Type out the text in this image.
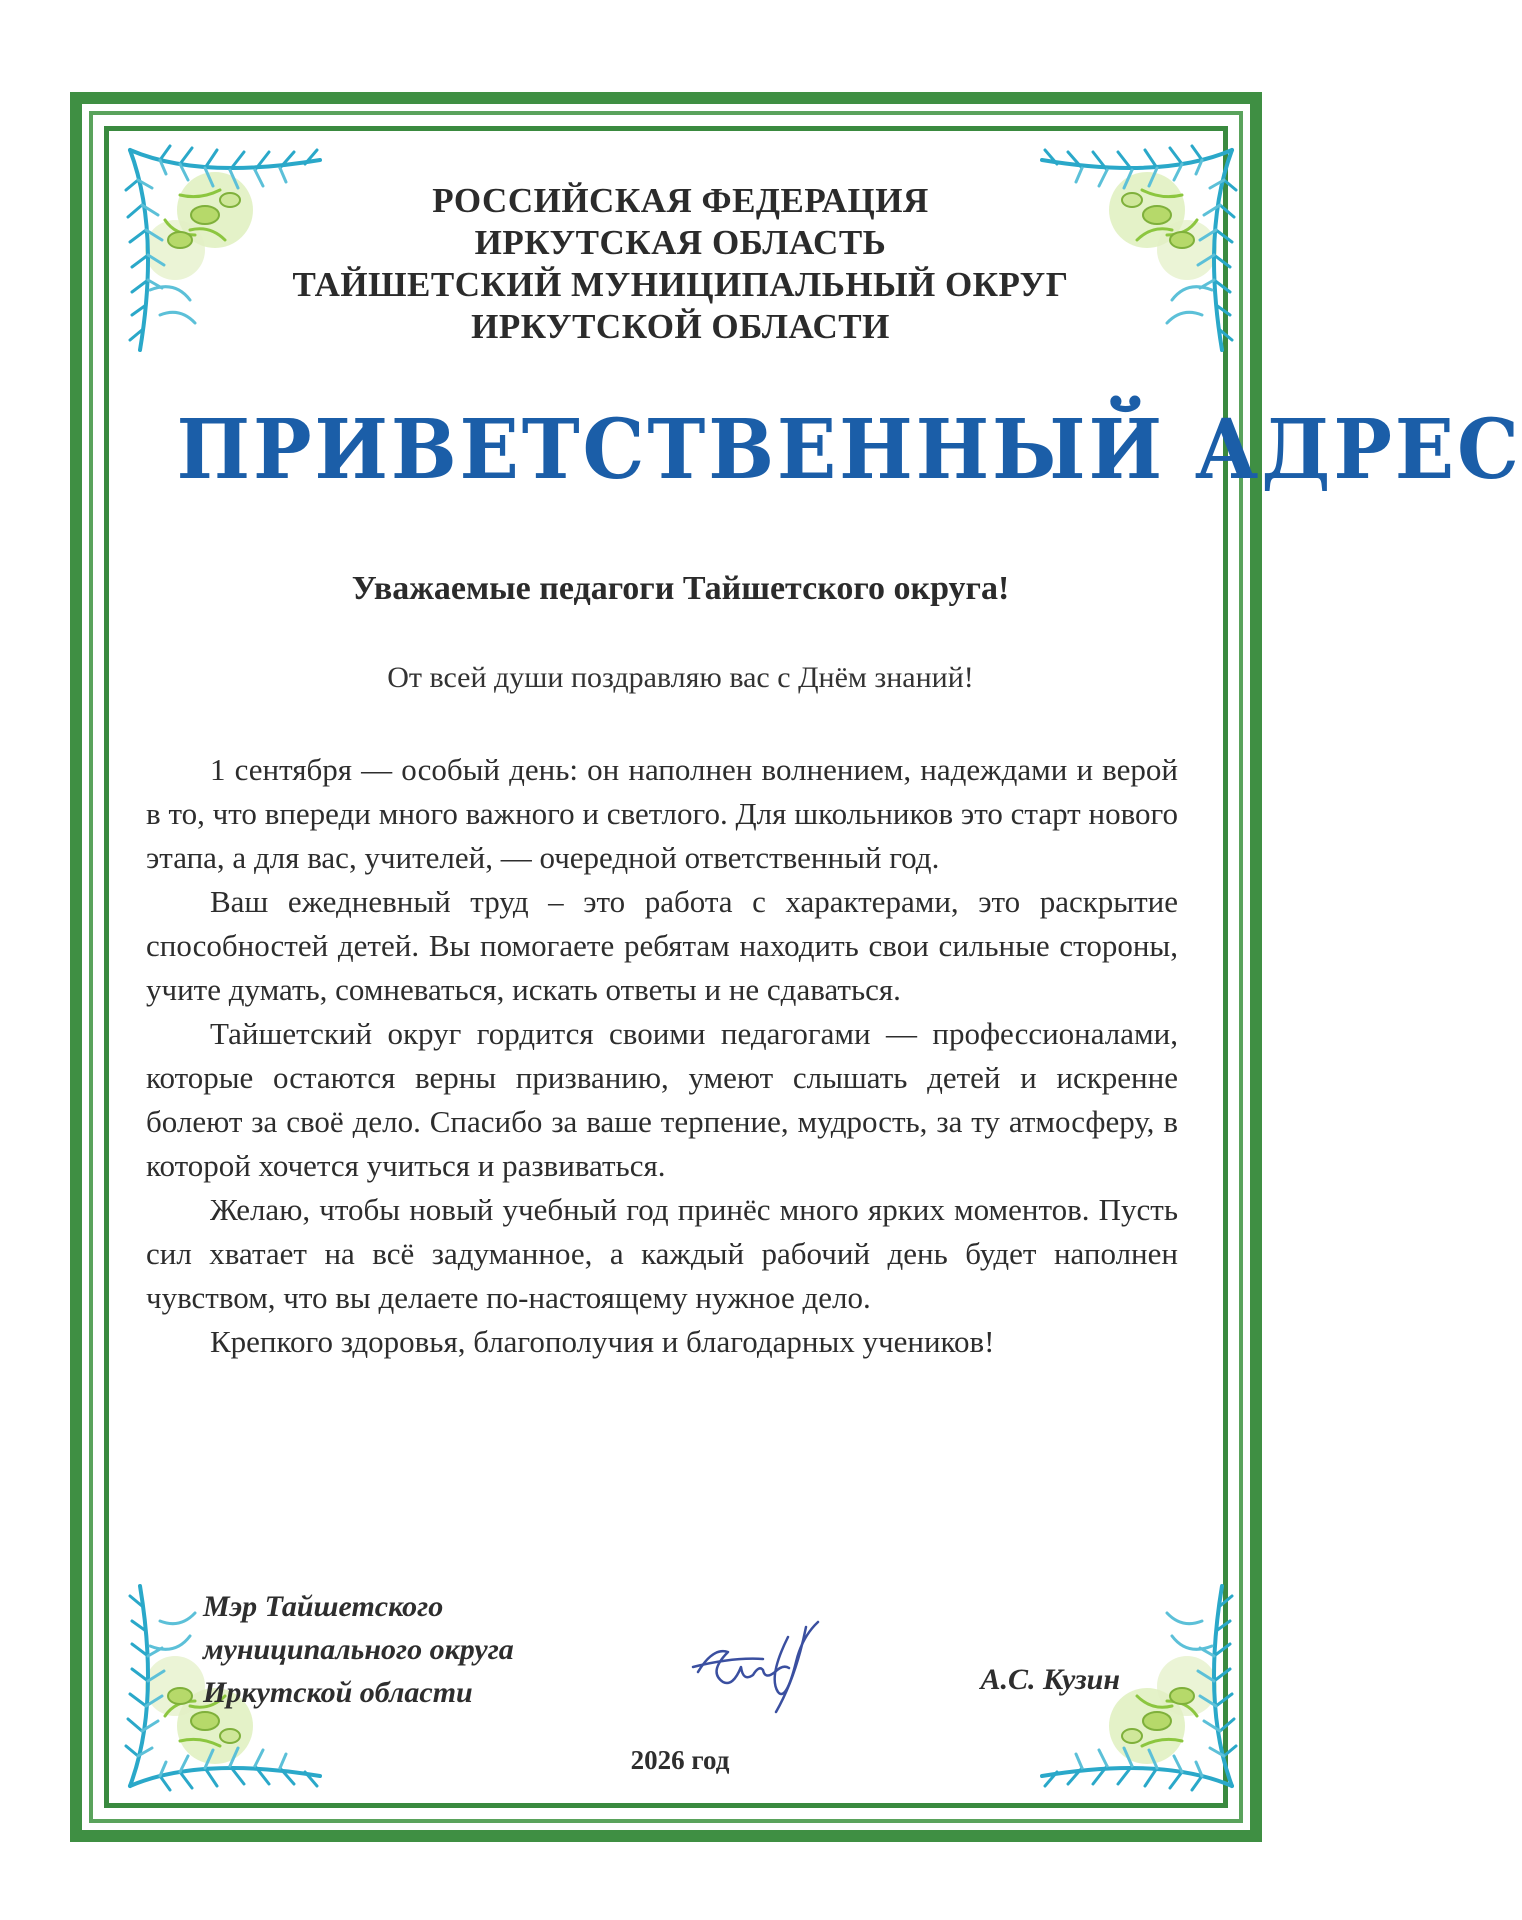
РОССИЙСКАЯ ФЕДЕРАЦИЯ
ИРКУТСКАЯ ОБЛАСТЬ
ТАЙШЕТСКИЙ МУНИЦИПАЛЬНЫЙ ОКРУГ
ИРКУТСКОЙ ОБЛАСТИ
ПРИВЕТСТВЕННЫЙ АДРЕС
Уважаемые педагоги Тайшетского округа!
От всей души поздравляю вас с Днём знаний!

1 сентября — особый день: он наполнен волнением, надеждами и верой в то, что впереди много важного и светлого. Для школьников это старт нового этапа, а для вас, учителей, — очередной ответственный год.

Ваш ежедневный труд – это работа с характерами, это раскрытие способностей детей. Вы помогаете ребятам находить свои сильные стороны, учите думать, сомневаться, искать ответы и не сдаваться.

Тайшетский округ гордится своими педагогами — профессионалами, которые остаются верны призванию, умеют слышать детей и искренне болеют за своё дело. Спасибо за ваше терпение, мудрость, за ту атмосферу, в которой хочется учиться и развиваться.

Желаю, чтобы новый учебный год принёс много ярких моментов. Пусть сил хватает на всё задуманное, а каждый рабочий день будет наполнен чувством, что вы делаете по-настоящему нужное дело.

Крепкого здоровья, благополучия и благодарных учеников!

Мэр Тайшетского
муниципального округа
Иркутской области	А.С. Кузин
2026 год
